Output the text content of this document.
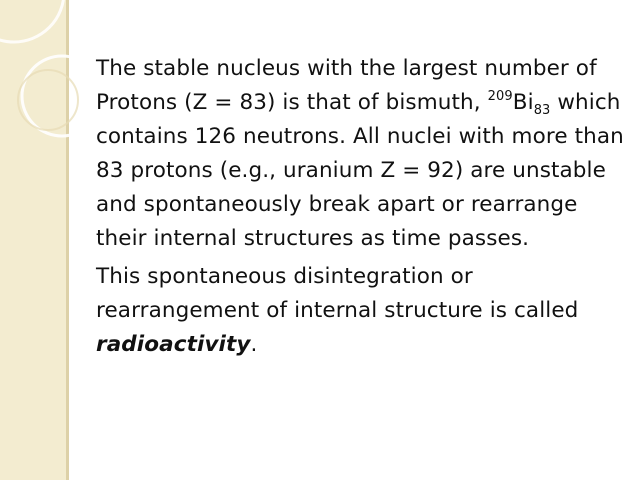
The stable nucleus with the largest number of Protons (Z = 83) is that of bismuth, $^{209}Bi_{83}$ which contains 126 neutrons. All nuclei with more than 83 protons (e.g., uranium Z = 92) are unstable and spontaneously break apart or rearrange their internal structures as time passes.

This spontaneous disintegration or rearrangement of internal structure is called radioactivity.
